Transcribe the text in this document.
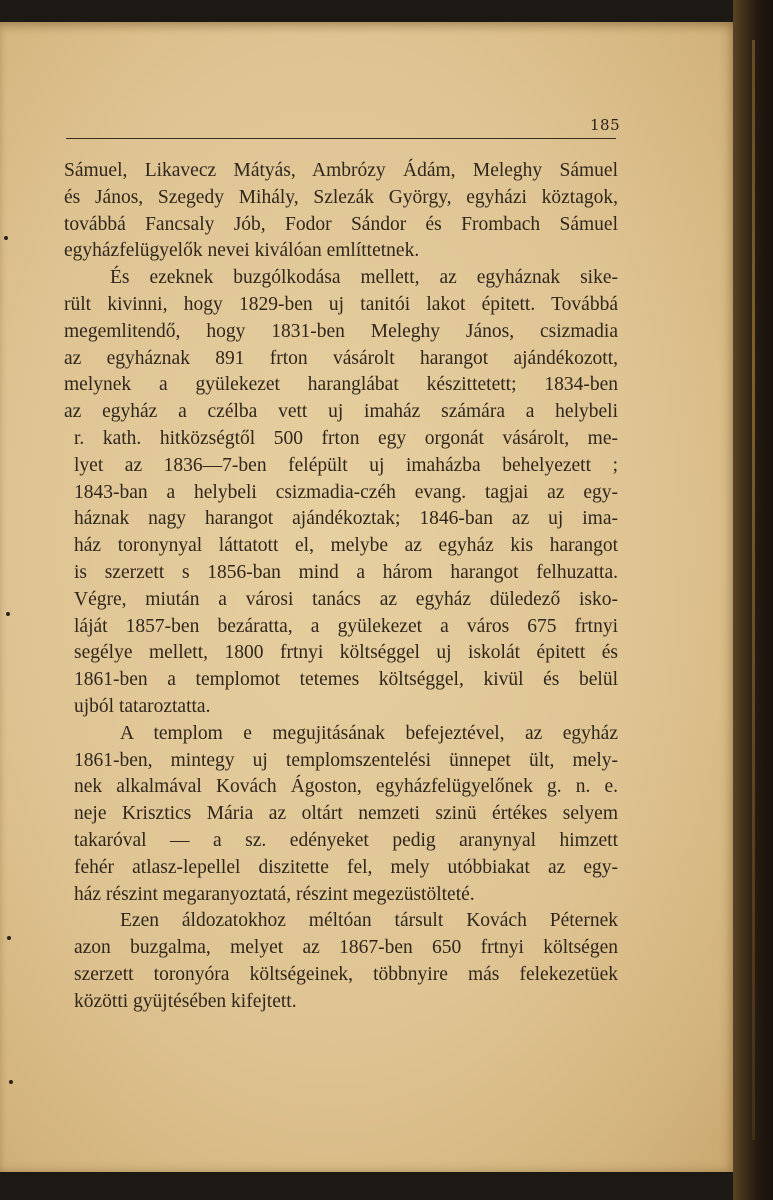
185
Sámuel, Likavecz Mátyás, Ambrózy Ádám, Meleghy Sámuel
és János, Szegedy Mihály, Szlezák György, egyházi köztagok,
továbbá Fancsaly Jób, Fodor Sándor és Frombach Sámuel
egyházfelügyelők nevei kiválóan említtetnek.
És ezeknek buzgólkodása mellett, az egyháznak sike-
rült kivinni, hogy 1829-ben uj tanitói lakot épitett. Továbbá
megemlitendő, hogy 1831-ben Meleghy János, csizmadia
az egyháznak 891 frton vásárolt harangot ajándékozott,
melynek a gyülekezet haranglábat készittetett; 1834-ben
az egyház a czélba vett uj imaház számára a helybeli
r. kath. hitközségtől 500 frton egy orgonát vásárolt, me-
lyet az 1836—7-ben felépült uj imaházba behelyezett ;
1843-ban a helybeli csizmadia-czéh evang. tagjai az egy-
háznak nagy harangot ajándékoztak; 1846-ban az uj ima-
ház toronynyal láttatott el, melybe az egyház kis harangot
is szerzett s 1856-ban mind a három harangot felhuzatta.
Végre, miután a városi tanács az egyház düledező isko-
láját 1857-ben bezáratta, a gyülekezet a város 675 frtnyi
segélye mellett, 1800 frtnyi költséggel uj iskolát épitett és
1861-ben a templomot tetemes költséggel, kivül és belül
ujból tataroztatta.
A templom e megujitásának befejeztével, az egyház
1861-ben, mintegy uj templomszentelési ünnepet ült, mely-
nek alkalmával Kovách Ágoston, egyházfelügyelőnek g. n. e.
neje Krisztics Mária az oltárt nemzeti szinü értékes selyem
takaróval — a sz. edényeket pedig aranynyal himzett
fehér atlasz-lepellel diszitette fel, mely utóbbiakat az egy-
ház részint megaranyoztatá, részint megezüstölteté.
Ezen áldozatokhoz méltóan társult Kovách Péternek
azon buzgalma, melyet az 1867-ben 650 frtnyi költségen
szerzett toronyóra költségeinek, többnyire más felekezetüek
közötti gyüjtésében kifejtett.
